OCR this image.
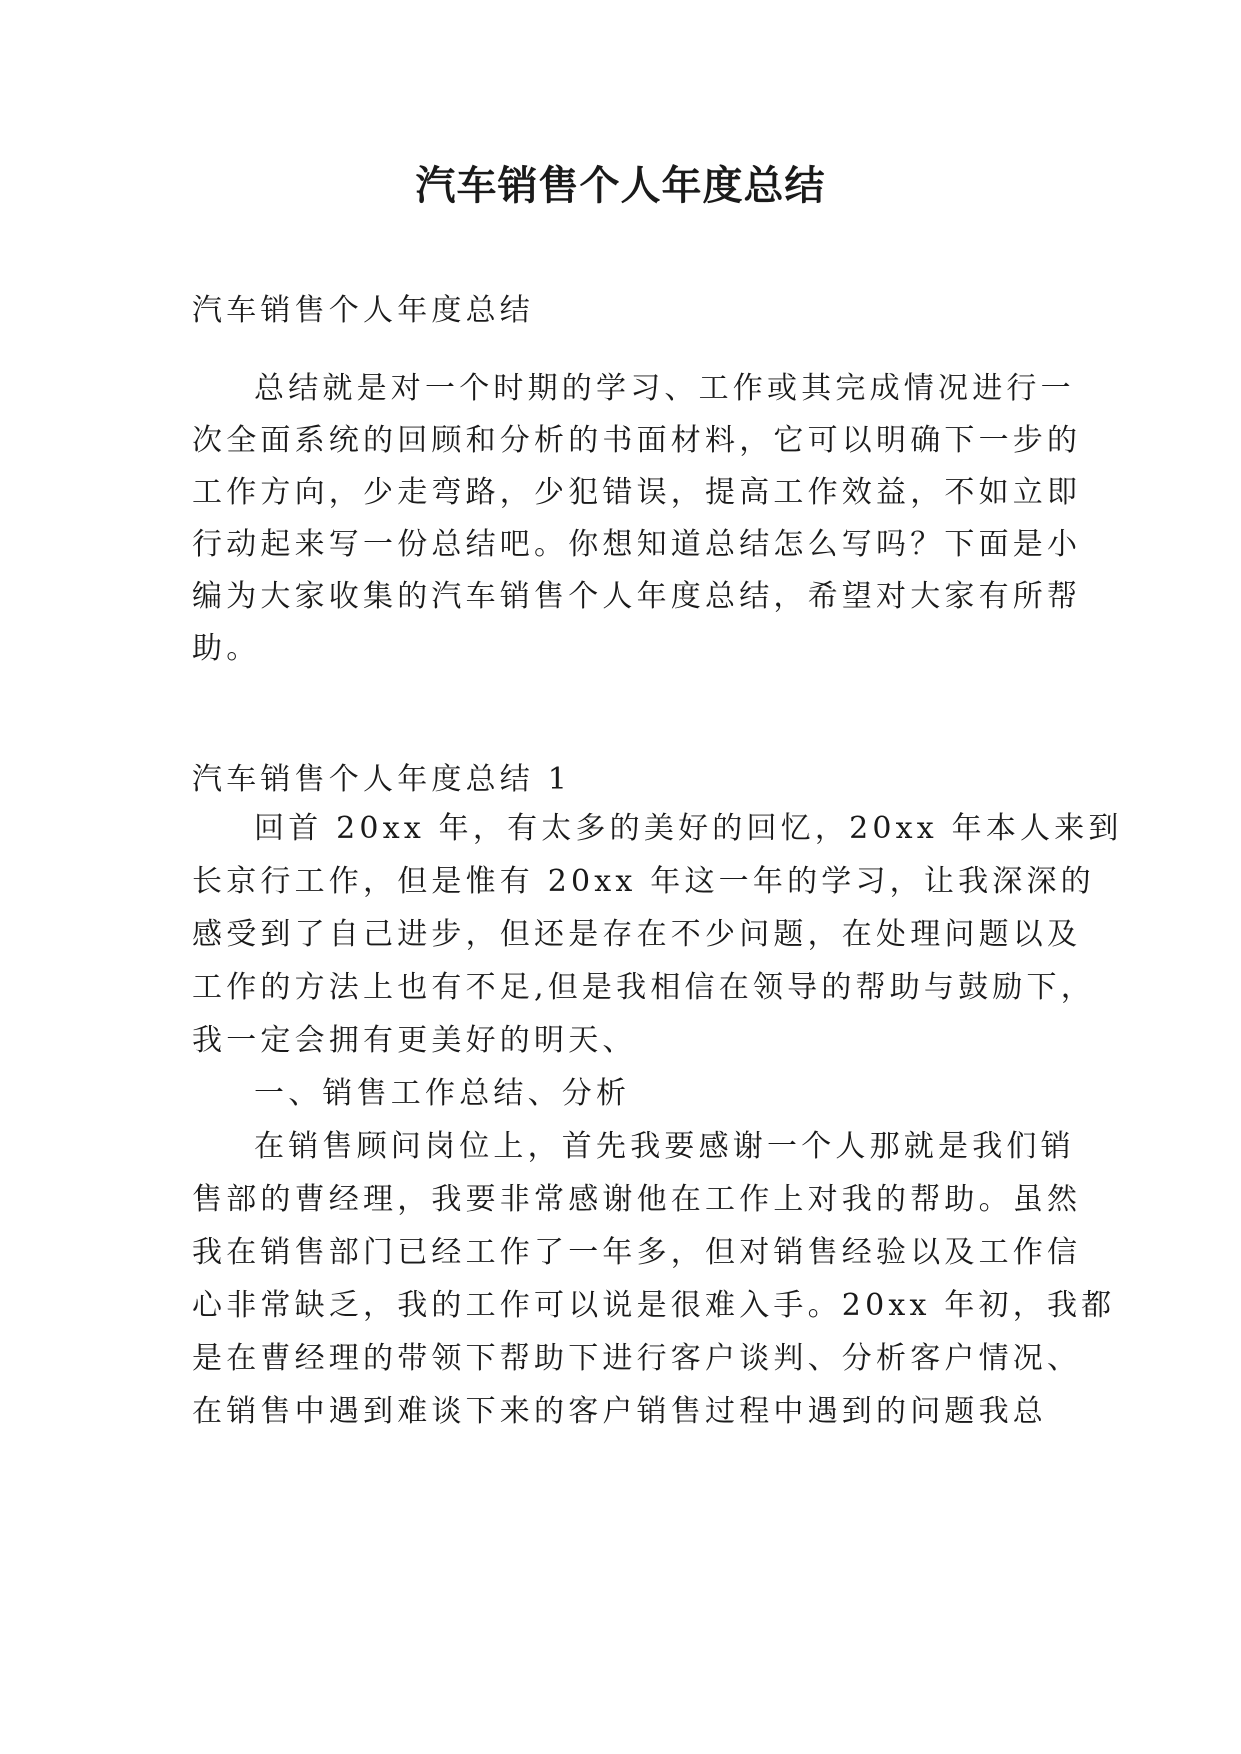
汽车销售个人年度总结

汽车销售个人年度总结

总结就是对一个时期的学习、工作或其完成情况进行一

次全面系统的回顾和分析的书面材料，它可以明确下一步的

工作方向，少走弯路，少犯错误，提高工作效益，不如立即

行动起来写一份总结吧。你想知道总结怎么写吗？下面是小

编为大家收集的汽车销售个人年度总结，希望对大家有所帮

助。

汽车销售个人年度总结 1

回首 20xx 年，有太多的美好的回忆，20xx 年本人来到

长京行工作，但是惟有 20xx 年这一年的学习，让我深深的

感受到了自己进步，但还是存在不少问题，在处理问题以及

工作的方法上也有不足,但是我相信在领导的帮助与鼓励下，

我一定会拥有更美好的明天、

一、销售工作总结、分析

在销售顾问岗位上，首先我要感谢一个人那就是我们销

售部的曹经理，我要非常感谢他在工作上对我的帮助。虽然

我在销售部门已经工作了一年多，但对销售经验以及工作信

心非常缺乏，我的工作可以说是很难入手。20xx 年初，我都

是在曹经理的带领下帮助下进行客户谈判、分析客户情况、

在销售中遇到难谈下来的客户销售过程中遇到的问题我总
